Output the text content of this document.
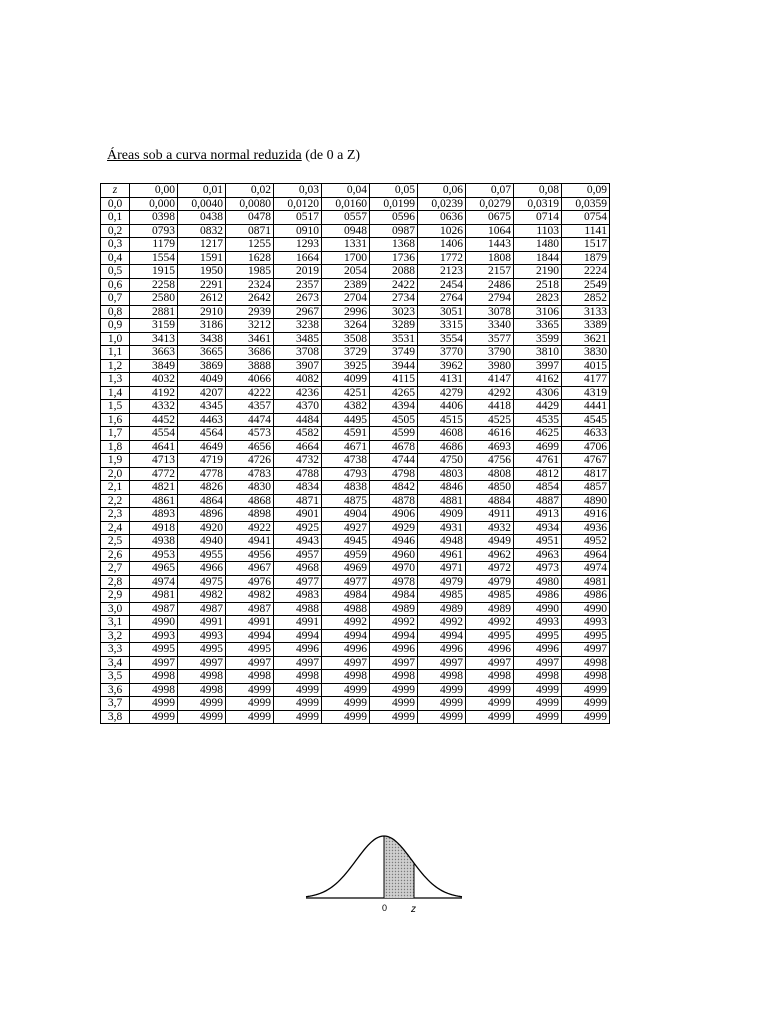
Áreas sob a curva normal reduzida (de 0 a Z)
z	0,00	0,01	0,02	0,03	0,04	0,05	0,06	0,07	0,08	0,09
0,0	0,000	0,0040	0,0080	0,0120	0,0160	0,0199	0,0239	0,0279	0,0319	0,0359
0,1	0398	0438	0478	0517	0557	0596	0636	0675	0714	0754
0,2	0793	0832	0871	0910	0948	0987	1026	1064	1103	1141
0,3	1179	1217	1255	1293	1331	1368	1406	1443	1480	1517
0,4	1554	1591	1628	1664	1700	1736	1772	1808	1844	1879
0,5	1915	1950	1985	2019	2054	2088	2123	2157	2190	2224
0,6	2258	2291	2324	2357	2389	2422	2454	2486	2518	2549
0,7	2580	2612	2642	2673	2704	2734	2764	2794	2823	2852
0,8	2881	2910	2939	2967	2996	3023	3051	3078	3106	3133
0,9	3159	3186	3212	3238	3264	3289	3315	3340	3365	3389
1,0	3413	3438	3461	3485	3508	3531	3554	3577	3599	3621
1,1	3663	3665	3686	3708	3729	3749	3770	3790	3810	3830
1,2	3849	3869	3888	3907	3925	3944	3962	3980	3997	4015
1,3	4032	4049	4066	4082	4099	4115	4131	4147	4162	4177
1,4	4192	4207	4222	4236	4251	4265	4279	4292	4306	4319
1,5	4332	4345	4357	4370	4382	4394	4406	4418	4429	4441
1,6	4452	4463	4474	4484	4495	4505	4515	4525	4535	4545
1,7	4554	4564	4573	4582	4591	4599	4608	4616	4625	4633
1,8	4641	4649	4656	4664	4671	4678	4686	4693	4699	4706
1,9	4713	4719	4726	4732	4738	4744	4750	4756	4761	4767
2,0	4772	4778	4783	4788	4793	4798	4803	4808	4812	4817
2,1	4821	4826	4830	4834	4838	4842	4846	4850	4854	4857
2,2	4861	4864	4868	4871	4875	4878	4881	4884	4887	4890
2,3	4893	4896	4898	4901	4904	4906	4909	4911	4913	4916
2,4	4918	4920	4922	4925	4927	4929	4931	4932	4934	4936
2,5	4938	4940	4941	4943	4945	4946	4948	4949	4951	4952
2,6	4953	4955	4956	4957	4959	4960	4961	4962	4963	4964
2,7	4965	4966	4967	4968	4969	4970	4971	4972	4973	4974
2,8	4974	4975	4976	4977	4977	4978	4979	4979	4980	4981
2,9	4981	4982	4982	4983	4984	4984	4985	4985	4986	4986
3,0	4987	4987	4987	4988	4988	4989	4989	4989	4990	4990
3,1	4990	4991	4991	4991	4992	4992	4992	4992	4993	4993
3,2	4993	4993	4994	4994	4994	4994	4994	4995	4995	4995
3,3	4995	4995	4995	4996	4996	4996	4996	4996	4996	4997
3,4	4997	4997	4997	4997	4997	4997	4997	4997	4997	4998
3,5	4998	4998	4998	4998	4998	4998	4998	4998	4998	4998
3,6	4998	4998	4999	4999	4999	4999	4999	4999	4999	4999
3,7	4999	4999	4999	4999	4999	4999	4999	4999	4999	4999
3,8	4999	4999	4999	4999	4999	4999	4999	4999	4999	4999
0 z
